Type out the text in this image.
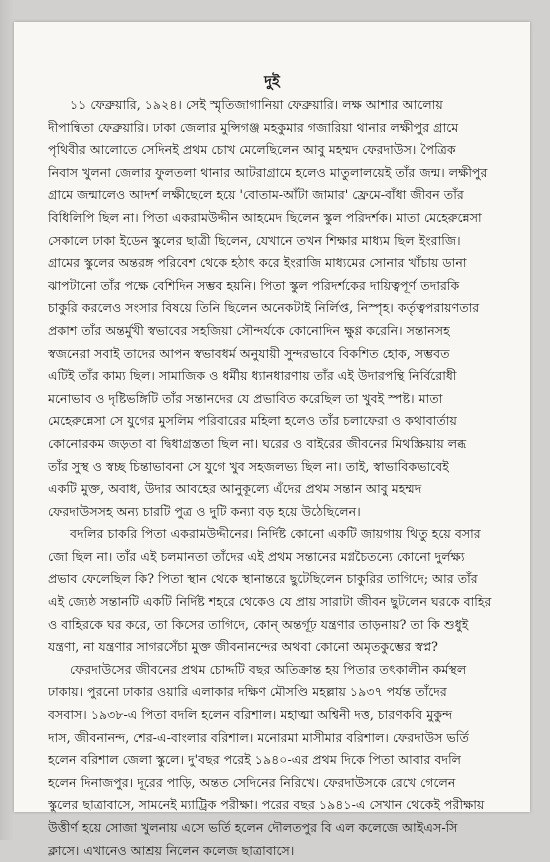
দুই

১১ ফেব্রুয়ারি, ১৯২৪। সেই স্মৃতিজাগানিয়া ফেব্রুয়ারি। লক্ষ আশার আলোয়
দীপান্বিতা ফেব্রুয়ারি। ঢাকা জেলার মুন্সিগঞ্জ মহকুমার গজারিয়া থানার লক্ষীপুর গ্রামে
পৃথিবীর আলোতে সেদিনই প্রথম চোখ মেলেছিলেন আবু মহম্মদ ফেরদাউস। পৈত্রিক
নিবাস খুলনা জেলার ফুলতলা থানার আটরাগ্রামে হলেও মাতুলালয়েই তাঁর জন্ম। লক্ষীপুর
গ্রামে জন্মালেও আদর্শ লক্ষীছেলে হয়ে 'বোতাম-আঁটা জামার' ফ্রেমে-বাঁধা জীবন তাঁর
বিধিলিপি ছিল না। পিতা একরামউদ্দীন আহমেদ ছিলেন স্কুল পরিদর্শক। মাতা মেহেরুন্নেসা
সেকালে ঢাকা ইডেন স্কুলের ছাত্রী ছিলেন, যেখানে তখন শিক্ষার মাধ্যম ছিল ইংরাজি।
গ্রামের স্কুলের অন্তরঙ্গ পরিবেশ থেকে হঠাৎ করে ইংরাজি মাধ্যমের সোনার খাঁচায় ডানা
ঝাপটানো তাঁর পক্ষে বেশিদিন সম্ভব হয়নি। পিতা স্কুল পরিদর্শকের দায়িত্বপূর্ণ তদারকি
চাকুরি করলেও সংসার বিষয়ে তিনি ছিলেন অনেকটাই নির্লিপ্ত, নিস্পৃহ। কর্তৃত্বপরায়ণতার
প্রকাশ তাঁর অন্তর্মুখী স্বভাবের সহজিয়া সৌন্দর্যকে কোনোদিন ক্ষুণ্ণ করেনি। সন্তানসহ
স্বজনেরা সবাই তাদের আপন স্বভাবধর্ম অনুযায়ী সুন্দরভাবে বিকশিত হোক, সম্ভবত
এটিই তাঁর কাম্য ছিল। সামাজিক ও ধর্মীয় ধ্যানধারণায় তাঁর এই উদারপন্থি নির্বিরোধী
মনোভাব ও দৃষ্টিভঙ্গিটি তাঁর সন্তানদের যে প্রভাবিত করেছিল তা খুবই স্পষ্ট। মাতা
মেহেরুন্নেসা সে যুগের মুসলিম পরিবারের মহিলা হলেও তাঁর চলাফেরা ও কথাবার্তায়
কোনোরকম জড়তা বা দ্বিধাগ্রস্ততা ছিল না। ঘরের ও বাইরের জীবনের মিথস্ক্রিয়ায় লব্ধ
তাঁর সুস্থ ও স্বচ্ছ চিন্তাভাবনা সে যুগে খুব সহজলভ্য ছিল না। তাই, স্বাভাবিকভাবেই
একটি মুক্ত, অবাধ, উদার আবহের আনুকূল্যে এঁদের প্রথম সন্তান আবু মহম্মদ
ফেরদাউসসহ অন্য চারটি পুত্র ও দুটি কন্যা বড় হয়ে উঠেছিলেন।

বদলির চাকরি পিতা একরামউদ্দীনের। নির্দিষ্ট কোনো একটি জায়গায় থিতু হয়ে বসার
জো ছিল না। তাঁর এই চলমানতা তাঁদের এই প্রথম সন্তানের মগ্নচৈতন্যে কোনো দুর্লক্ষ্য
প্রভাব ফেলেছিল কি? পিতা স্থান থেকে স্থানান্তরে ছুটেছিলেন চাকুরির তাগিদে; আর তাঁর
এই জ্যেষ্ঠ সন্তানটি একটি নির্দিষ্ট শহরে থেকেও যে প্রায় সারাটা জীবন ছুটলেন ঘরকে বাহির
ও বাহিরকে ঘর করে, তা কিসের তাগিদে, কোন্ অন্তর্গূঢ় যন্ত্রণার তাড়নায়? তা কি শুধুই
যন্ত্রণা, না যন্ত্রণার সাগরসেঁচা মুক্ত জীবনানন্দের অথবা কোনো অমৃতকুম্ভের স্বপ্ন?

ফেরদাউসের জীবনের প্রথম চোদ্দটি বছর অতিক্রান্ত হয় পিতার তৎকালীন কর্মস্থল
ঢাকায়। পুরনো ঢাকার ওয়ারি এলাকার দক্ষিণ মৌসণ্ডি মহল্লায় ১৯৩৭ পর্যন্ত তাঁদের
বসবাস। ১৯৩৮-এ পিতা বদলি হলেন বরিশাল। মহাত্মা অশ্বিনী দত্ত, চারণকবি মুকুন্দ
দাস, জীবনানন্দ, শের-এ-বাংলার বরিশাল। মনোরমা মাসীমার বরিশাল। ফেরদাউস ভর্তি
হলেন বরিশাল জেলা স্কুলে। দু'বছর পরেই ১৯৪০-এর প্রথম দিকে পিতা আবার বদলি
হলেন দিনাজপুর। দূরের পাড়ি, অন্তত সেদিনের নিরিখে। ফেরদাউসকে রেখে গেলেন
স্কুলের ছাত্রাবাসে, সামনেই ম্যাট্রিক পরীক্ষা। পরের বছর ১৯৪১-এ সেখান থেকেই পরীক্ষায়
উত্তীর্ণ হয়ে সোজা খুলনায় এসে ভর্তি হলেন দৌলতপুর বি এল কলেজে আইএস-সি
ক্লাসে। এখানেও আশ্রয় নিলেন কলেজ ছাত্রাবাসে।
